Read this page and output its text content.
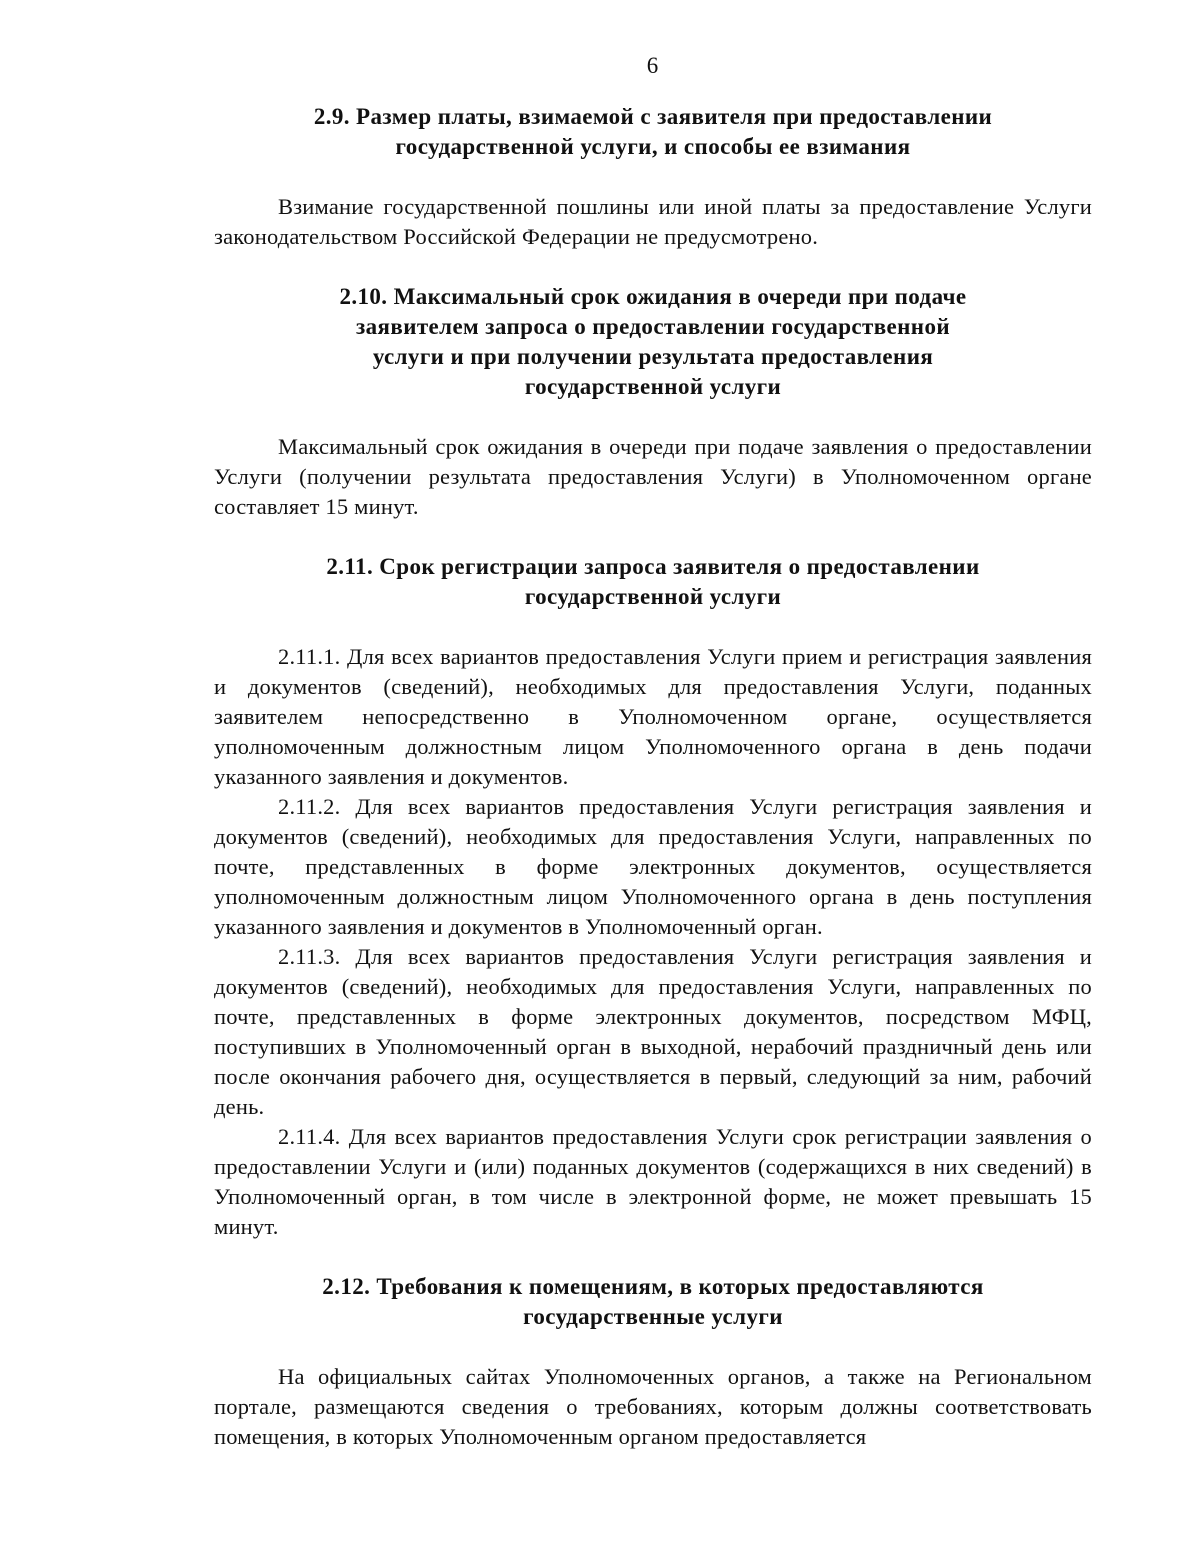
6
2.9. Размер платы, взимаемой с заявителя при предоставлении
государственной услуги, и способы ее взимания

Взимание государственной пошлины или иной платы за предоставление Услуги законодательством Российской Федерации не предусмотрено.

2.10. Максимальный срок ожидания в очереди при подаче
заявителем запроса о предоставлении государственной
услуги и при получении результата предоставления
государственной услуги

Максимальный срок ожидания в очереди при подаче заявления о предоставлении Услуги (получении результата предоставления Услуги) в Уполномоченном органе составляет 15 минут.

2.11. Срок регистрации запроса заявителя о предоставлении
государственной услуги

2.11.1. Для всех вариантов предоставления Услуги прием и регистрация заявления и документов (сведений), необходимых для предоставления Услуги, поданных заявителем непосредственно в Уполномоченном органе, осуществляется уполномоченным должностным лицом Уполномоченного органа в день подачи указанного заявления и документов.

2.11.2. Для всех вариантов предоставления Услуги регистрация заявления и документов (сведений), необходимых для предоставления Услуги, направленных по почте, представленных в форме электронных документов, осуществляется уполномоченным должностным лицом Уполномоченного органа в день поступления указанного заявления и документов в Уполномоченный орган.

2.11.3. Для всех вариантов предоставления Услуги регистрация заявления и документов (сведений), необходимых для предоставления Услуги, направленных по почте, представленных в форме электронных документов, посредством МФЦ, поступивших в Уполномоченный орган в выходной, нерабочий праздничный день или после окончания рабочего дня, осуществляется в первый, следующий за ним, рабочий день.

2.11.4. Для всех вариантов предоставления Услуги срок регистрации заявления о предоставлении Услуги и (или) поданных документов (содержащихся в них сведений) в Уполномоченный орган, в том числе в электронной форме, не может превышать 15 минут.

2.12. Требования к помещениям, в которых предоставляются
государственные услуги

На официальных сайтах Уполномоченных органов, а также на Региональном портале, размещаются сведения о требованиях, которым должны соответствовать помещения, в которых Уполномоченным органом предоставляется
